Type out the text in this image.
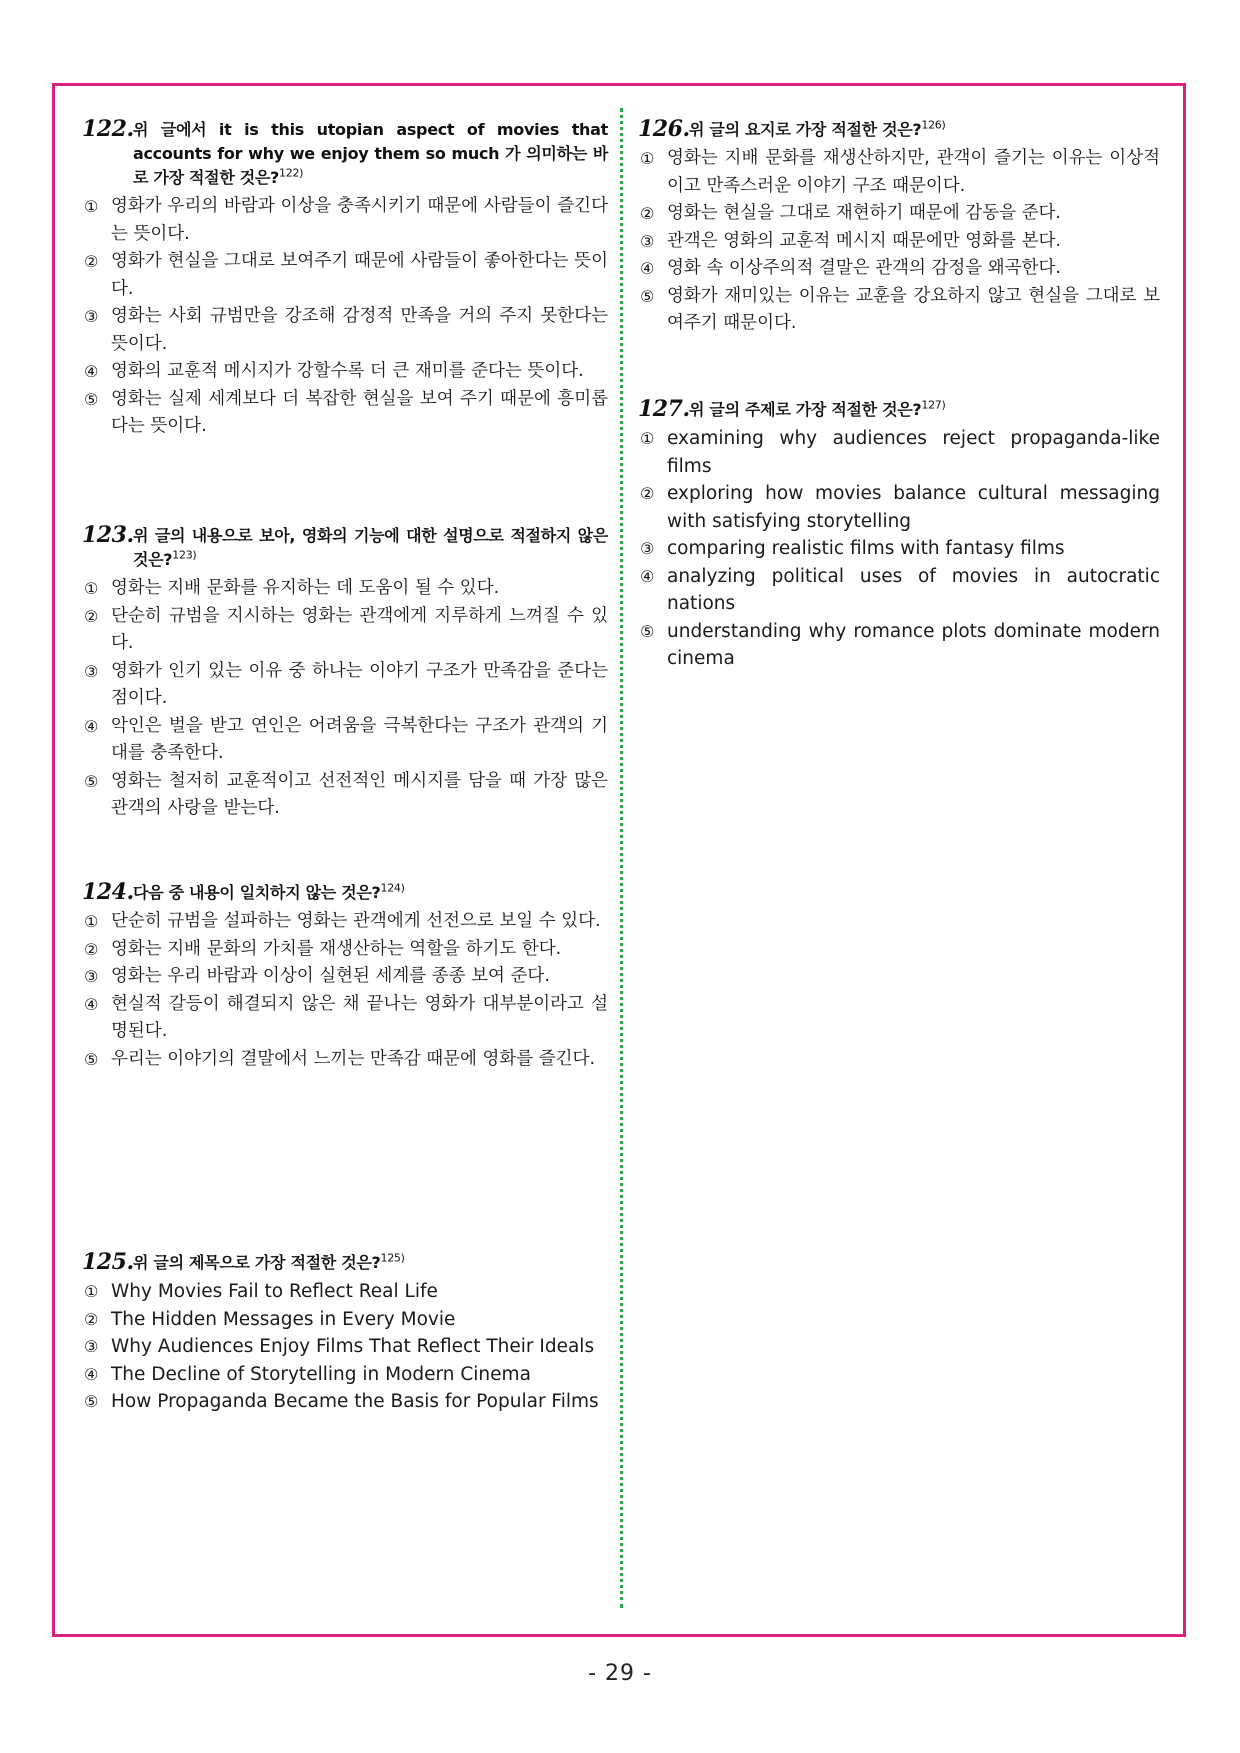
122. 위 글에서 it is this utopian aspect of movies that accounts for why we enjoy them so much 가 의미하는 바로 가장 적절한 것은?$^{122)}$
① 영화가 우리의 바람과 이상을 충족시키기 때문에 사람들이 즐긴다는 뜻이다.
② 영화가 현실을 그대로 보여주기 때문에 사람들이 좋아한다는 뜻이다.
③ 영화는 사회 규범만을 강조해 감정적 만족을 거의 주지 못한다는 뜻이다.
④ 영화의 교훈적 메시지가 강할수록 더 큰 재미를 준다는 뜻이다.
⑤ 영화는 실제 세계보다 더 복잡한 현실을 보여 주기 때문에 흥미롭다는 뜻이다.
123. 위 글의 내용으로 보아, 영화의 기능에 대한 설명으로 적절하지 않은 것은?$^{123)}$
① 영화는 지배 문화를 유지하는 데 도움이 될 수 있다.
② 단순히 규범을 지시하는 영화는 관객에게 지루하게 느껴질 수 있다.
③ 영화가 인기 있는 이유 중 하나는 이야기 구조가 만족감을 준다는 점이다.
④ 악인은 벌을 받고 연인은 어려움을 극복한다는 구조가 관객의 기대를 충족한다.
⑤ 영화는 철저히 교훈적이고 선전적인 메시지를 담을 때 가장 많은 관객의 사랑을 받는다.
124. 다음 중 내용이 일치하지 않는 것은?$^{124)}$
① 단순히 규범을 설파하는 영화는 관객에게 선전으로 보일 수 있다.
② 영화는 지배 문화의 가치를 재생산하는 역할을 하기도 한다.
③ 영화는 우리 바람과 이상이 실현된 세계를 종종 보여 준다.
④ 현실적 갈등이 해결되지 않은 채 끝나는 영화가 대부분이라고 설명된다.
⑤ 우리는 이야기의 결말에서 느끼는 만족감 때문에 영화를 즐긴다.
125. 위 글의 제목으로 가장 적절한 것은?$^{125)}$
① Why Movies Fail to Reflect Real Life
② The Hidden Messages in Every Movie
③ Why Audiences Enjoy Films That Reflect Their Ideals
④ The Decline of Storytelling in Modern Cinema
⑤ How Propaganda Became the Basis for Popular Films
126. 위 글의 요지로 가장 적절한 것은?$^{126)}$
① 영화는 지배 문화를 재생산하지만, 관객이 즐기는 이유는 이상적이고 만족스러운 이야기 구조 때문이다.
② 영화는 현실을 그대로 재현하기 때문에 감동을 준다.
③ 관객은 영화의 교훈적 메시지 때문에만 영화를 본다.
④ 영화 속 이상주의적 결말은 관객의 감정을 왜곡한다.
⑤ 영화가 재미있는 이유는 교훈을 강요하지 않고 현실을 그대로 보여주기 때문이다.
127. 위 글의 주제로 가장 적절한 것은?$^{127)}$
① examining why audiences reject propaganda-like films
② exploring how movies balance cultural messaging with satisfying storytelling
③ comparing realistic films with fantasy films
④ analyzing political uses of movies in autocratic nations
⑤ understanding why romance plots dominate modern cinema
- 29 -
